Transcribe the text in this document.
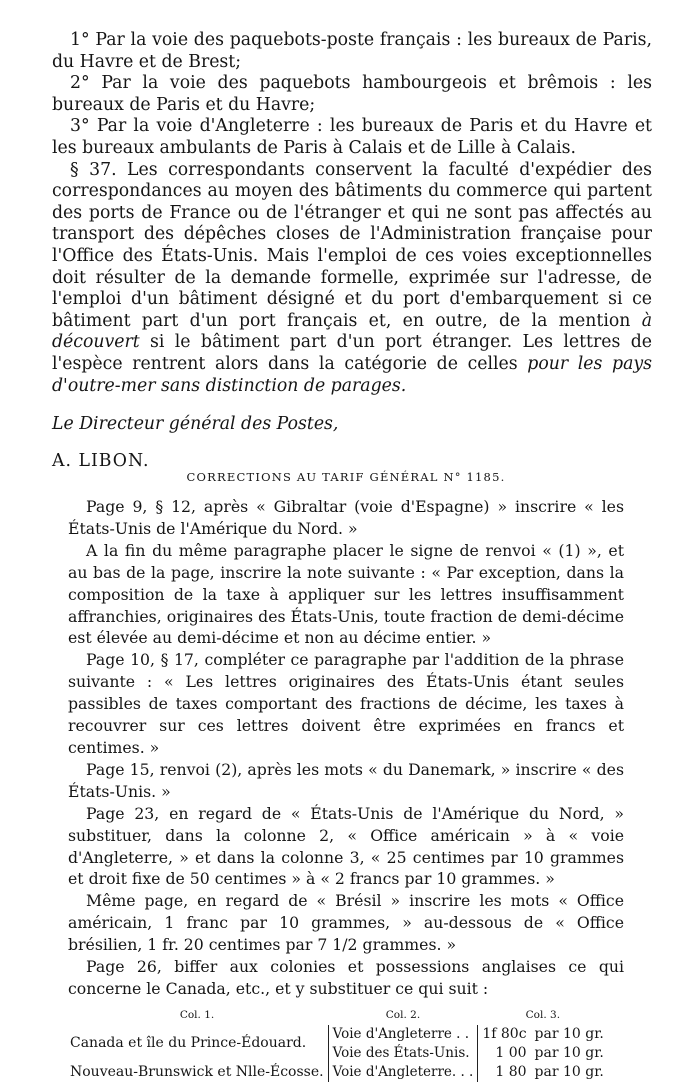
1° Par la voie des paquebots-poste français : les bureaux de Paris, du Havre et de Brest;

2° Par la voie des paquebots hambourgeois et brêmois : les bureaux de Paris et du Havre;

3° Par la voie d'Angleterre : les bureaux de Paris et du Havre et les bureaux ambulants de Paris à Calais et de Lille à Calais.

§ 37. Les correspondants conservent la faculté d'expédier des correspondances au moyen des bâtiments du commerce qui partent des ports de France ou de l'étranger et qui ne sont pas affectés au transport des dépêches closes de l'Administration française pour l'Office des États-Unis. Mais l'emploi de ces voies exceptionnelles doit résulter de la demande formelle, exprimée sur l'adresse, de l'emploi d'un bâtiment désigné et du port d'embarquement si ce bâtiment part d'un port français et, en outre, de la mention à découvert si le bâtiment part d'un port étranger. Les lettres de l'espèce rentrent alors dans la catégorie de celles pour les pays d'outre-mer sans distinction de parages.

Le Directeur général des Postes,

A. LIBON.

CORRECTIONS AU TARIF GÉNÉRAL N° 1185.

Page 9, § 12, après « Gibraltar (voie d'Espagne) » inscrire « les États-Unis de l'Amérique du Nord. »

A la fin du même paragraphe placer le signe de renvoi « (1) », et au bas de la page, inscrire la note suivante : « Par exception, dans la composition de la taxe à appliquer sur les lettres insuffisamment affranchies, originaires des États-Unis, toute fraction de demi-décime est élevée au demi-décime et non au décime entier. »

Page 10, § 17, compléter ce paragraphe par l'addition de la phrase suivante : « Les lettres originaires des États-Unis étant seules passibles de taxes comportant des fractions de décime, les taxes à recouvrer sur ces lettres doivent être exprimées en francs et centimes. »

Page 15, renvoi (2), après les mots « du Danemark, » inscrire « des États-Unis. »

Page 23, en regard de « États-Unis de l'Amérique du Nord, » substituer, dans la colonne 2, « Office américain » à « voie d'Angleterre, » et dans la colonne 3, « 25 centimes par 10 grammes et droit fixe de 50 centimes » à « 2 francs par 10 grammes. »

Même page, en regard de « Brésil » inscrire les mots « Office américain, 1 franc par 10 grammes, » au-dessous de « Office brésilien, 1 fr. 20 centimes par 7 1/2 grammes. »

Page 26, biffer aux colonies et possessions anglaises ce qui concerne le Canada, etc., et y substituer ce qui suit :

Col. 1.	Col. 2.	Col. 3.	
Canada et île du Prince-Édouard.	Voie d'Angleterre . .	1f 80c	par 10 gr.
	Voie des États-Unis.	1 00	par 10 gr.
Nouveau-Brunswick et Nlle-Écosse.	Voie d'Angleterre. . .	1 80	par 10 gr.
